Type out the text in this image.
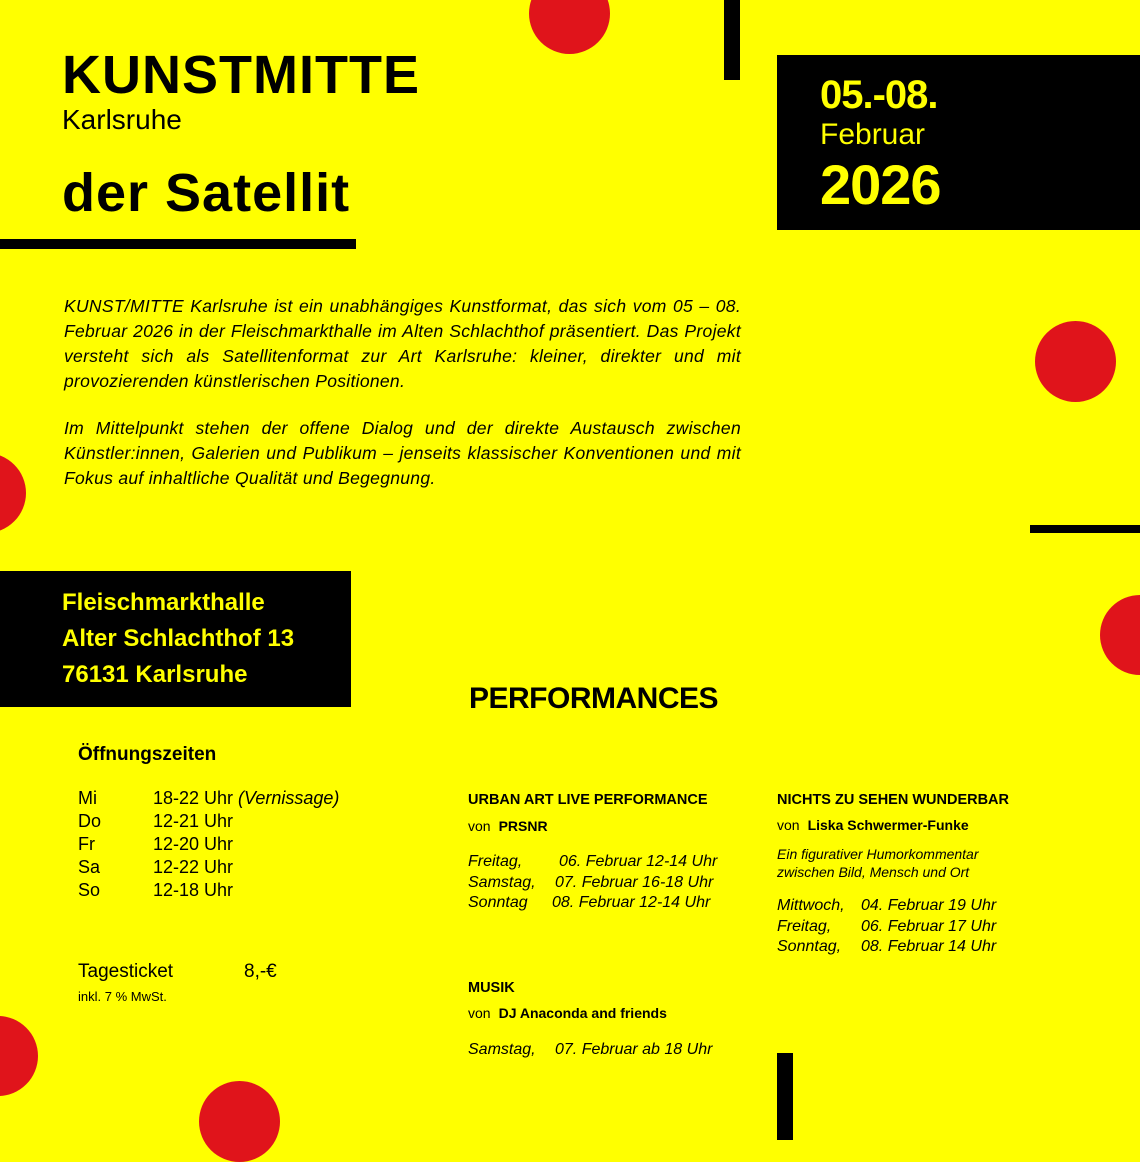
KUNSTMITTE
Karlsruhe
der Satellit
05.-08.
Februar
2026

KUNST/MITTE Karlsruhe ist ein unabhängiges Kunstformat, das sich vom 05 – 08. Februar 2026 in der Fleischmarkthalle im Alten Schlachthof präsentiert. Das Projekt versteht sich als Satellitenformat zur Art Karlsruhe: kleiner, direkter und mit provozierenden künstlerischen Positionen.

Im Mittelpunkt stehen der offene Dialog und der direkte Austausch zwischen Künstler:innen, Galerien und Publikum – jenseits klassischer Konventionen und mit Fokus auf inhaltliche Qualität und Begegnung.

Fleischmarkthalle
Alter Schlachthof 13
76131 Karlsruhe
Öffnungszeiten
Mi	18-22 Uhr (Vernissage)
Do	12-21 Uhr
Fr	12-20 Uhr
Sa	12-22 Uhr
So	12-18 Uhr
Tagesticket	8,-€
inkl. 7 % MwSt.
PERFORMANCES
URBAN ART LIVE PERFORMANCE
von PRSNR
Freitag,	06. Februar 12-14 Uhr
Samstag,	07. Februar 16-18 Uhr
Sonntag	08. Februar 12-14 Uhr
MUSIK
von DJ Anaconda and friends
Samstag,	07. Februar ab 18 Uhr
NICHTS ZU SEHEN WUNDERBAR
von Liska Schwermer-Funke
Ein figurativer Humorkommentar
zwischen Bild, Mensch und Ort
Mittwoch,	04. Februar 19 Uhr
Freitag,	06. Februar 17 Uhr
Sonntag,	08. Februar 14 Uhr
